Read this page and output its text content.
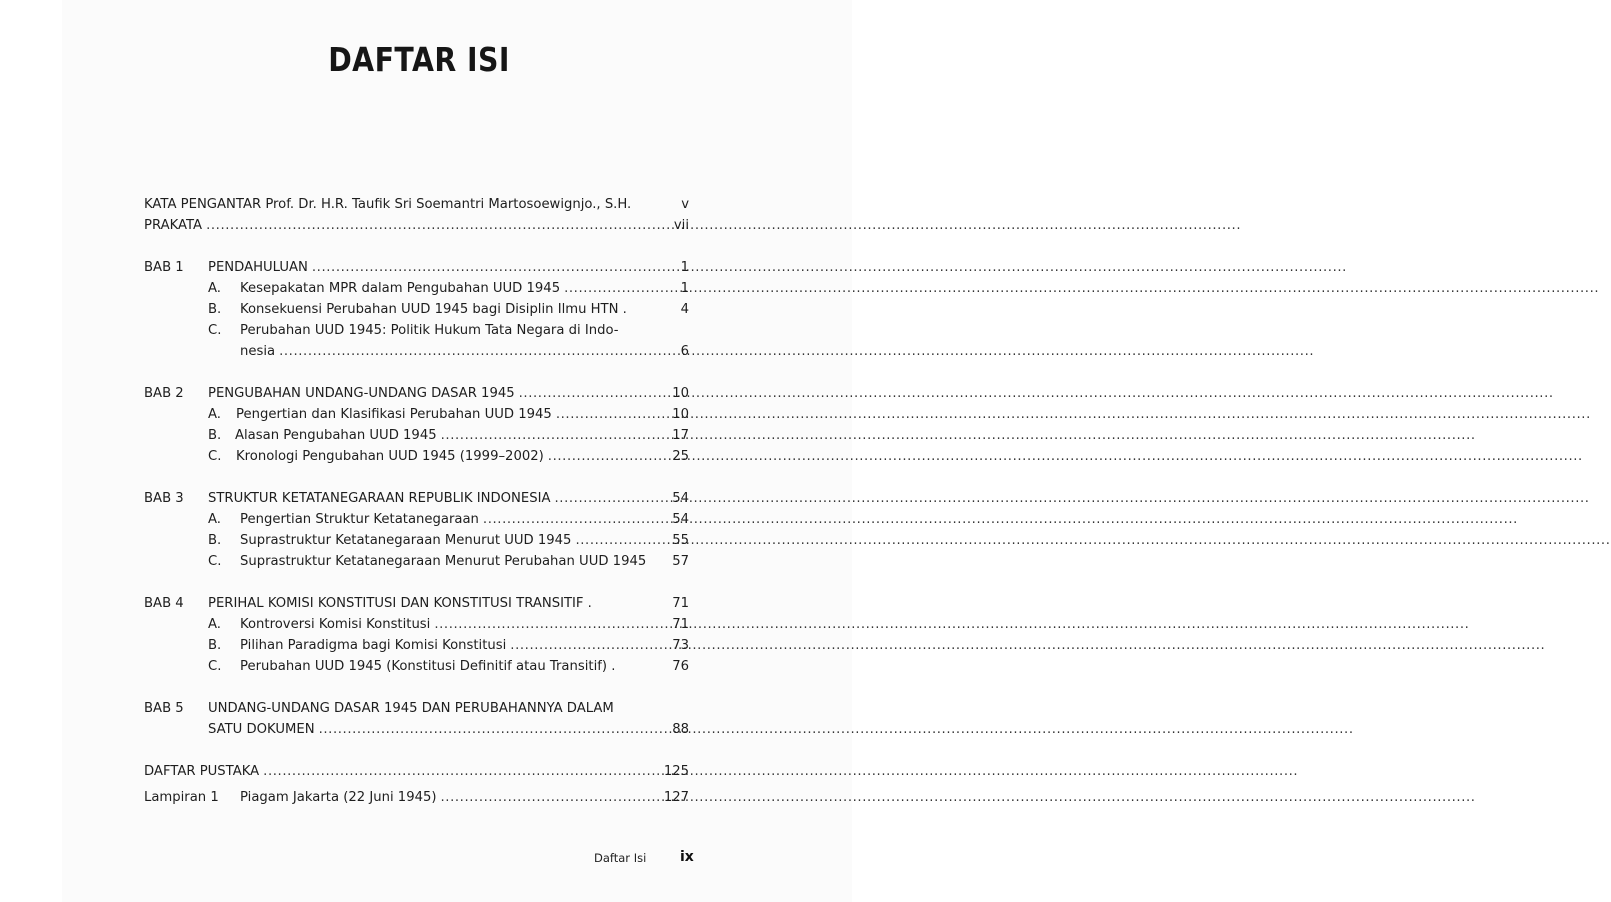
DAFTAR ISI
KATA PENGANTAR Prof. Dr. H.R. Taufik Sri Soemantri Martosoewignjo., S.H.	v
PRAKATA .....	vii
BAB 1	PENDAHULUAN .....	1
A.	Kesepakatan MPR dalam Pengubahan UUD 1945 .....	1
B.	Konsekuensi Perubahan UUD 1945 bagi Disiplin Ilmu HTN .	4
C.	Perubahan UUD 1945: Politik Hukum Tata Negara di Indo-
nesia .....	6
BAB 2	PENGUBAHAN UNDANG-UNDANG DASAR 1945 .....	10
A.	Pengertian dan Klasifikasi Perubahan UUD 1945 .....	10
B.	Alasan Pengubahan UUD 1945 .....	17
C.	Kronologi Pengubahan UUD 1945 (1999–2002) .....	25
BAB 3	STRUKTUR KETATANEGARAAN REPUBLIK INDONESIA .....	54
A.	Pengertian Struktur Ketatanegaraan .....	54
B.	Suprastruktur Ketatanegaraan Menurut UUD 1945 .....	55
C.	Suprastruktur Ketatanegaraan Menurut Perubahan UUD 1945 57
BAB 4	PERIHAL KOMISI KONSTITUSI DAN KONSTITUSI TRANSITIF .	71
A.	Kontroversi Komisi Konstitusi .....	71
B.	Pilihan Paradigma bagi Komisi Konstitusi .....	73
C.	Perubahan UUD 1945 (Konstitusi Definitif atau Transitif) .	76
BAB 5	UNDANG-UNDANG DASAR 1945 DAN PERUBAHANNYA DALAM
SATU DOKUMEN .....	88
DAFTAR PUSTAKA .....	125
Lampiran 1	Piagam Jakarta (22 Juni 1945) .....	127
Daftar Isi ix
